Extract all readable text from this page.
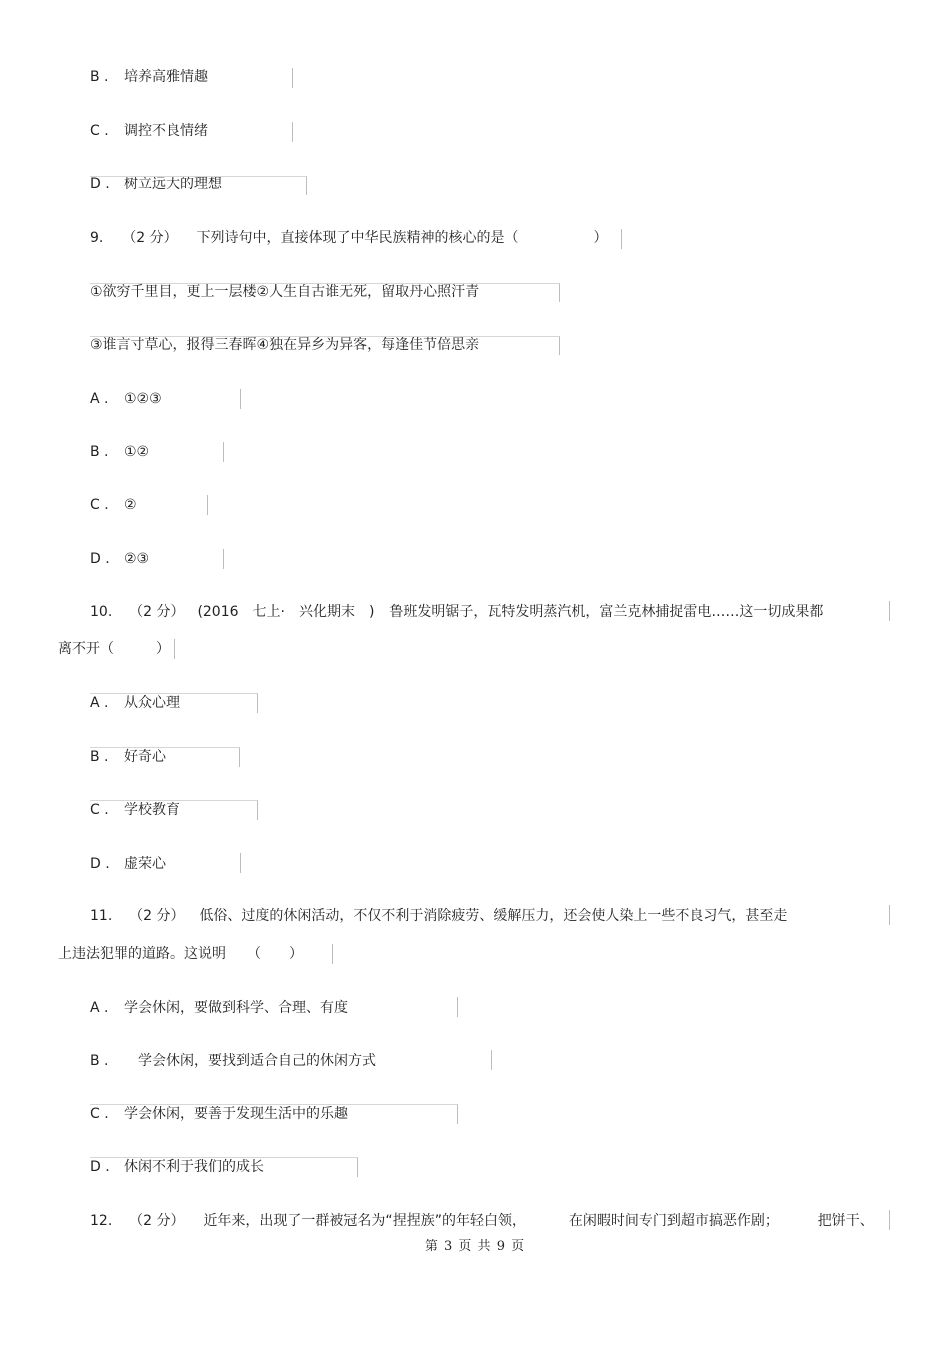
B . 培养高雅情趣
C . 调控不良情绪
D . 树立远大的理想
9. （2 分） 下列诗句中，直接体现了中华民族精神的核心的是（	）
①欲穷千里目，更上一层楼②人生自古谁无死，留取丹心照汗青
③谁言寸草心，报得三春晖④独在异乡为异客，每逢佳节倍思亲
A . ①②③
B . ①②
C . ②
D . ②③
10. （2 分） (2016　七上·　兴化期末　) 鲁班发明锯子，瓦特发明蒸汽机，富兰克林捕捉雷电……这一切成果都
离不开（　　　）
A . 从众心理
B . 好奇心
C . 学校教育
D . 虚荣心
11. （2 分） 低俗、过度的休闲活动，不仅不利于消除疲劳、缓解压力，还会使人染上一些不良习气，甚至走
上违法犯罪的道路。这说明　　（　　）
A . 学会休闲，要做到科学、合理、有度
B . 学会休闲，要找到适合自己的休闲方式
C . 学会休闲，要善于发现生活中的乐趣
D . 休闲不利于我们的成长
12. （2 分） 近年来，出现了一群被冠名为“捏捏族”的年轻白领，	在闲暇时间专门到超市搞恶作剧；	把饼干、
第 3 页 共 9 页
